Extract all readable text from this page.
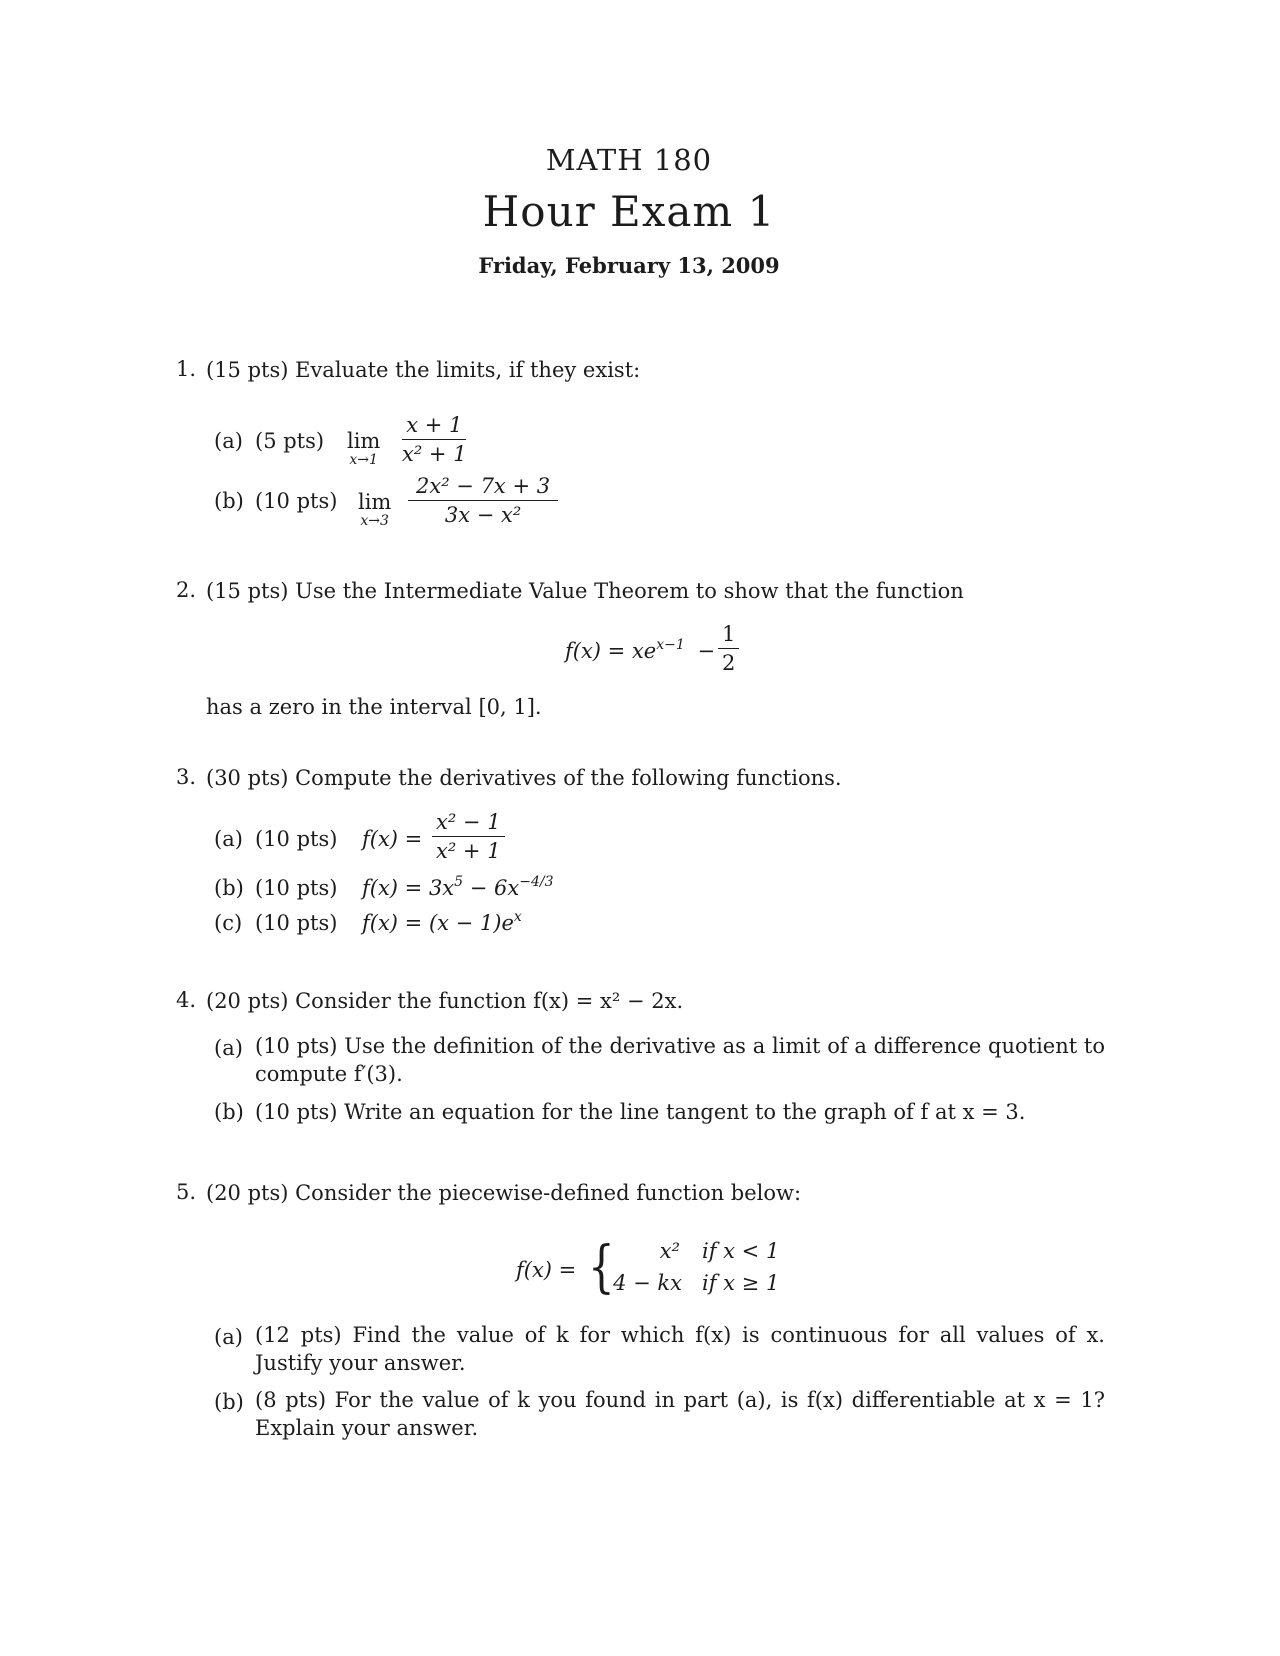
MATH 180
Hour Exam 1
Friday, February 13, 2009
1. (15 pts) Evaluate the limits, if they exist:
(a) (5 pts) lim
$x\to 1 \frac{x + 1}{\text{x² + 1}}$
(b) (10 pts) lim
$x\to 3 \frac{\text{2x² − 7x + 3}}{\text{3x − x²}}$
2. (15 pts) Use the Intermediate Value Theorem to show that the function
$f(x) = xe^{x-1} - \frac{1}{2}$
has a zero in the interval [0, 1].
3. (30 pts) Compute the derivatives of the following functions.
(a) (10 pts) $f(x) = \frac{\text{x² − 1}}{\text{x² + 1}}$
(b) (10 pts) $f(x) = 3x^5 - 6x^{-4/3}$
(c) (10 pts) $f(x) = (x - 1)e^x$
4. (20 pts) Consider the function f(x) = x² − 2x.
(a) (10 pts) Use the definition of the derivative as a limit of a difference quotient to compute f′(3).
(b) (10 pts) Write an equation for the line tangent to the graph of f at x = 3.
5. (20 pts) Consider the piecewise-defined function below:
f(x) = {	x² if x < 1
4 − kx if x ≥ 1
(a) (12 pts) Find the value of k for which f(x) is continuous for all values of x. Justify your answer.
(b) (8 pts) For the value of k you found in part (a), is f(x) differentiable at x = 1? Explain your answer.
